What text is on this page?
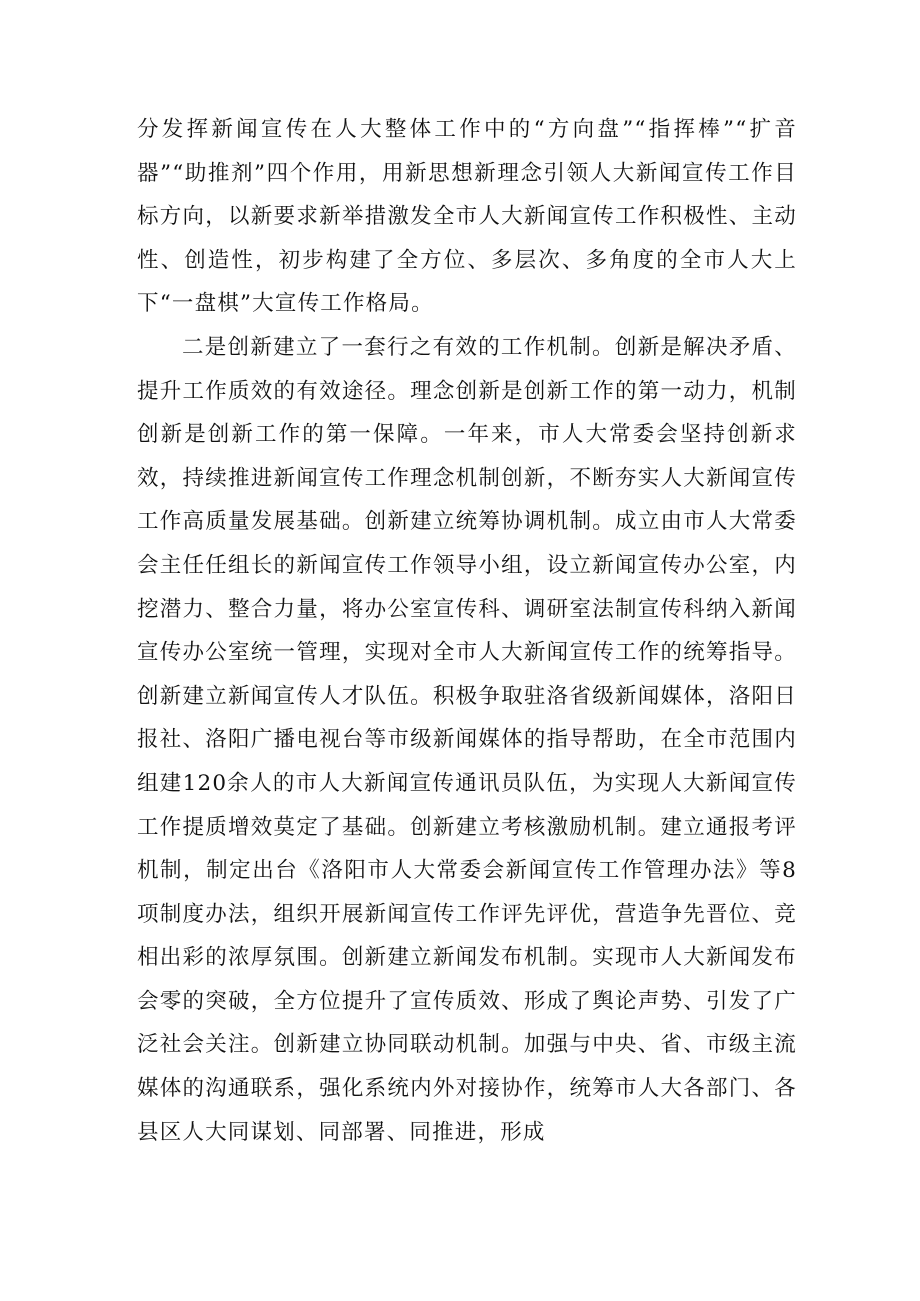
分发挥新闻宣传在人大整体工作中的“方向盘”“指挥棒”“扩音器”“助推剂”四个作用，用新思想新理念引领人大新闻宣传工作目标方向，以新要求新举措激发全市人大新闻宣传工作积极性、主动性、创造性，初步构建了全方位、多层次、多角度的全市人大上下“一盘棋”大宣传工作格局。

二是创新建立了一套行之有效的工作机制。创新是解决矛盾、提升工作质效的有效途径。理念创新是创新工作的第一动力，机制创新是创新工作的第一保障。一年来，市人大常委会坚持创新求效，持续推进新闻宣传工作理念机制创新，不断夯实人大新闻宣传工作高质量发展基础。创新建立统筹协调机制。成立由市人大常委会主任任组长的新闻宣传工作领导小组，设立新闻宣传办公室，内挖潜力、整合力量，将办公室宣传科、调研室法制宣传科纳入新闻宣传办公室统一管理，实现对全市人大新闻宣传工作的统筹指导。创新建立新闻宣传人才队伍。积极争取驻洛省级新闻媒体，洛阳日报社、洛阳广播电视台等市级新闻媒体的指导帮助，在全市范围内组建120余人的市人大新闻宣传通讯员队伍，为实现人大新闻宣传工作提质增效莫定了基础。创新建立考核激励机制。建立通报考评机制，制定出台《洛阳市人大常委会新闻宣传工作管理办法》等8项制度办法，组织开展新闻宣传工作评先评优，营造争先晋位、竞相出彩的浓厚氛围。创新建立新闻发布机制。实现市人大新闻发布会零的突破，全方位提升了宣传质效、形成了舆论声势、引发了广泛社会关注。创新建立协同联动机制。加强与中央、省、市级主流媒体的沟通联系，强化系统内外对接协作，统筹市人大各部门、各县区人大同谋划、同部署、同推进，形成
